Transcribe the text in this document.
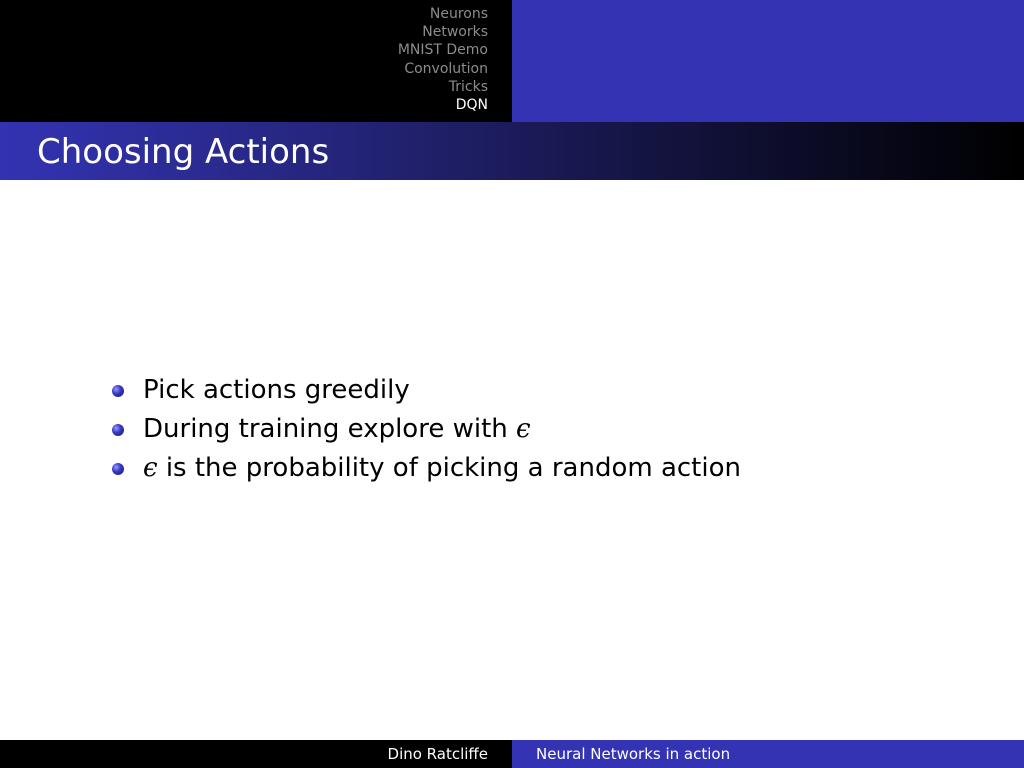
Neurons
Networks
MNIST Demo
Convolution
Tricks
DQN
Choosing Actions
Pick actions greedily
During training explore with ϵ
ϵ is the probability of picking a random action
Dino Ratcliffe	Neural Networks in action
